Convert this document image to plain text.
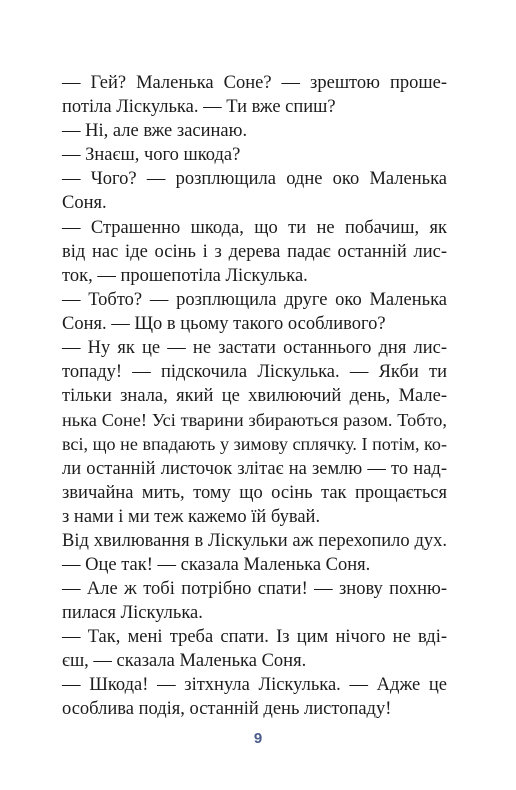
— Гей? Маленька Соне? — зрештою проше-
потіла Ліскулька. — Ти вже спиш?
— Ні, але вже засинаю.
— Знаєш, чого шкода?
— Чого? — розплющила одне око Маленька
Соня.
— Страшенно шкода, що ти не побачиш, як
від нас іде осінь і з дерева падає останній лис-
ток, — прошепотіла Ліскулька.
— Тобто? — розплющила друге око Маленька
Соня. — Що в цьому такого особливого?
— Ну як це — не застати останнього дня лис-
топаду! — підскочила Ліскулька. — Якби ти
тільки знала, який це хвилюючий день, Мале-
нька Соне! Усі тварини збираються разом. Тобто,
всі, що не впадають у зимову сплячку. І потім, ко-
ли останній листочок злітає на землю — то над-
звичайна мить, тому що осінь так прощається
з нами і ми теж кажемо їй бувай.
Від хвилювання в Ліскульки аж перехопило дух.
— Оце так! — сказала Маленька Соня.
— Але ж тобі потрібно спати! — знову похню-
пилася Ліскулька.
— Так, мені треба спати. Із цим нічого не вді-
єш, — сказала Маленька Соня.
— Шкода! — зітхнула Ліскулька. — Адже це
особлива подія, останній день листопаду!
9
